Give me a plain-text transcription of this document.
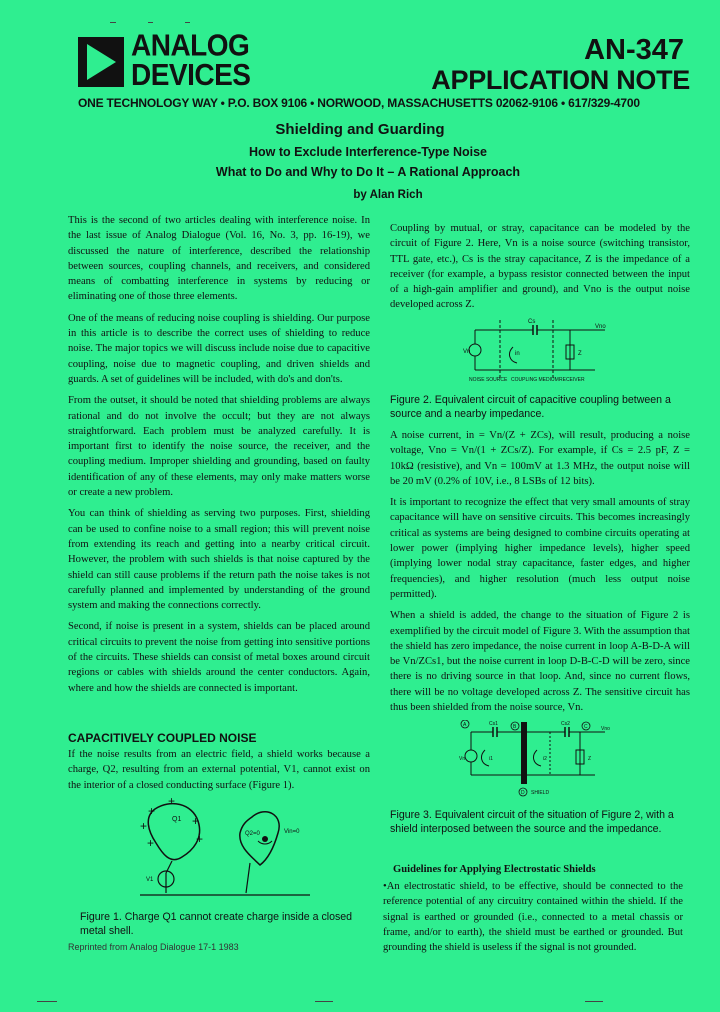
ANALOG
DEVICES
AN-347
APPLICATION NOTE
ONE TECHNOLOGY WAY • P.O. BOX 9106 • NORWOOD, MASSACHUSETTS 02062-9106 • 617/329-4700
Shielding and Guarding
How to Exclude Interference-Type Noise
What to Do and Why to Do It – A Rational Approach
by Alan Rich

This is the second of two articles dealing with interference noise. In the last issue of Analog Dialogue (Vol. 16, No. 3, pp. 16-19), we discussed the nature of interference, described the relationship between sources, coupling channels, and receivers, and considered means of combatting interference in systems by reducing or eliminating one of those three elements.

One of the means of reducing noise coupling is shielding. Our purpose in this article is to describe the correct uses of shielding to reduce noise. The major topics we will discuss include noise due to capacitive coupling, noise due to magnetic coupling, and driven shields and guards. A set of guidelines will be included, with do's and don'ts.

From the outset, it should be noted that shielding problems are always rational and do not involve the occult; but they are not always straightforward. Each problem must be analyzed carefully. It is important first to identify the noise source, the receiver, and the coupling medium. Improper shielding and grounding, based on faulty identification of any of these elements, may only make matters worse or create a new problem.

You can think of shielding as serving two purposes. First, shielding can be used to confine noise to a small region; this will prevent noise from extending its reach and getting into a nearby critical circuit. However, the problem with such shields is that noise captured by the shield can still cause problems if the return path the noise takes is not carefully planned and implemented by understanding of the ground system and making the connections correctly.

Second, if noise is present in a system, shields can be placed around critical circuits to prevent the noise from getting into sensitive portions of the circuits. These shields can consist of metal boxes around circuit regions or cables with shields around the center conductors. Again, where and how the shields are connected is important.

CAPACITIVELY COUPLED NOISE

If the noise results from an electric field, a shield works because a charge, Q2, resulting from an external potential, V1, cannot exist on the interior of a closed conducting surface (Figure 1).

+
+
+
+
+
+
Q1
Q2=0	Vin=0
V1
Figure 1. Charge Q1 cannot create charge inside a closed metal shell.
Reprinted from Analog Dialogue 17-1 1983

Coupling by mutual, or stray, capacitance can be modeled by the circuit of Figure 2. Here, Vn is a noise source (switching transistor, TTL gate, etc.), Cs is the stray capacitance, Z is the impedance of a receiver (for example, a bypass resistor connected between the input of a high-gain amplifier and ground), and Vno is the output noise developed across Z.

Cs
Vno
Vn	in	Z
NOISE SOURCE COUPLING MEDIUM RECEIVER
Figure 2. Equivalent circuit of capacitive coupling between a source and a nearby impedance.

A noise current, in = Vn/(Z + ZCs), will result, producing a noise voltage, Vno = Vn/(1 + ZCs/Z). For example, if Cs = 2.5 pF, Z = 10kΩ (resistive), and Vn = 100mV at 1.3 MHz, the output noise will be 20 mV (0.2% of 10V, i.e., 8 LSBs of 12 bits).

It is important to recognize the effect that very small amounts of stray capacitance will have on sensitive circuits. This becomes increasingly critical as systems are being designed to combine circuits operating at lower power (implying higher impedance levels), higher speed (implying lower nodal stray capacitance, faster edges, and higher frequencies), and higher resolution (much less output noise permitted).

When a shield is added, the change to the situation of Figure 2 is exemplified by the circuit model of Figure 3. With the assumption that the shield has zero impedance, the noise current in loop A-B-D-A will be Vn/ZCs1, but the noise current in loop D-B-C-D will be zero, since there is no driving source in that loop. And, since no current flows, there will be no voltage developed across Z. The sensitive circuit has thus been shielded from the noise source, Vn.

A	B	C
D
Cs1	Cs2
Vno
Vn	i1	i2	Z
SHIELD
Figure 3. Equivalent circuit of the situation of Figure 2, with a shield interposed between the source and the impedance.
Guidelines for Applying Electrostatic Shields

•An electrostatic shield, to be effective, should be connected to the reference potential of any circuitry contained within the shield. If the signal is earthed or grounded (i.e., connected to a metal chassis or frame, and/or to earth), the shield must be earthed or grounded. But grounding the shield is useless if the signal is not grounded.
